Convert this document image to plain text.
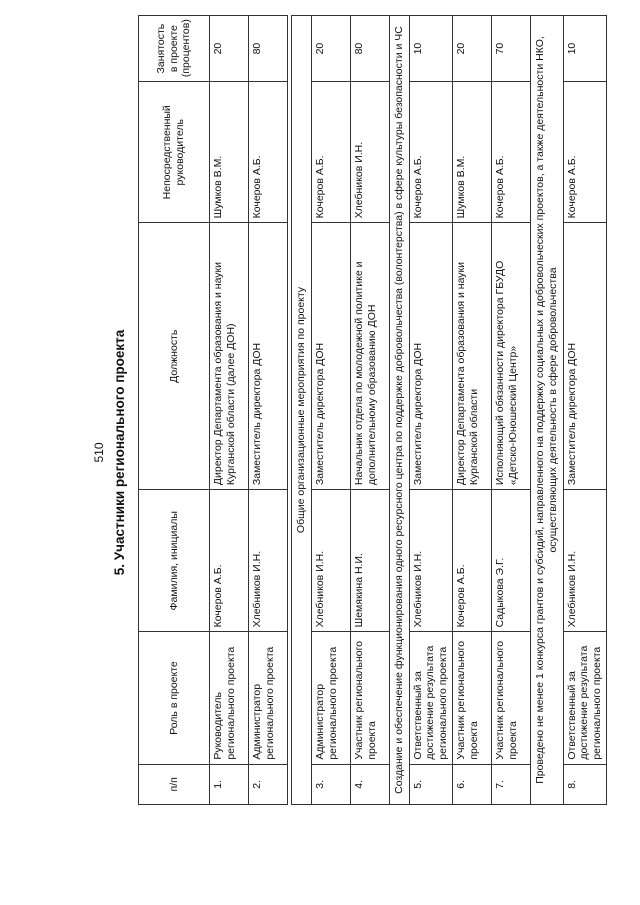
510 5. Участники регионального проекта
п/п	Роль в проекте	Фамилия, инициалы	Должность	Непосредственный руководитель	Занятость в проекте (процентов)
1.	Руководитель регионального проекта	Кочеров А.Б.	Директор Департамента образования и науки Курганской области (далее ДОН)	Шумков В.М.	20
2.	Администратор регионального проекта	Хлебников И.Н.	Заместитель директора ДОН	Кочеров А.Б.	80

Общие организационные мероприятия по проекту					
3.	Администратор регионального проекта	Хлебников И.Н.	Заместитель директора ДОН	Кочеров А.Б.	20
4.	Участник регионального проекта	Шемякина Н.И.	Начальник отдела по молодежной политике и дополнительному образованию ДОН	Хлебников И.Н.	80
Создание и обеспечение функционирования одного ресурсного центра по поддержке добровольчества (волонтерства) в сфере культуры безопасности и ЧС					
5.	Ответственный за достижение результата регионального проекта	Хлебников И.Н.	Заместитель директора ДОН	Кочеров А.Б.	10
6.	Участник регионального проекта	Кочеров А.Б.	Директор Департамента образования и науки Курганской области	Шумков В.М.	20
7.	Участник регионального проекта	Садыкова Э.Г.	Исполняющий обязанности директора ГБУДО «Детско-Юношеский Центр»	Кочеров А.Б.	70
Проведено не менее 1 конкурса грантов и субсидий, направленного на поддержку социальных и добровольческих проектов, а также деятельности НКО, осуществляющих деятельность в сфере добровольчества					
8.	Ответственный за достижение результата регионального проекта	Хлебников И.Н.	Заместитель директора ДОН	Кочеров А.Б.	10
